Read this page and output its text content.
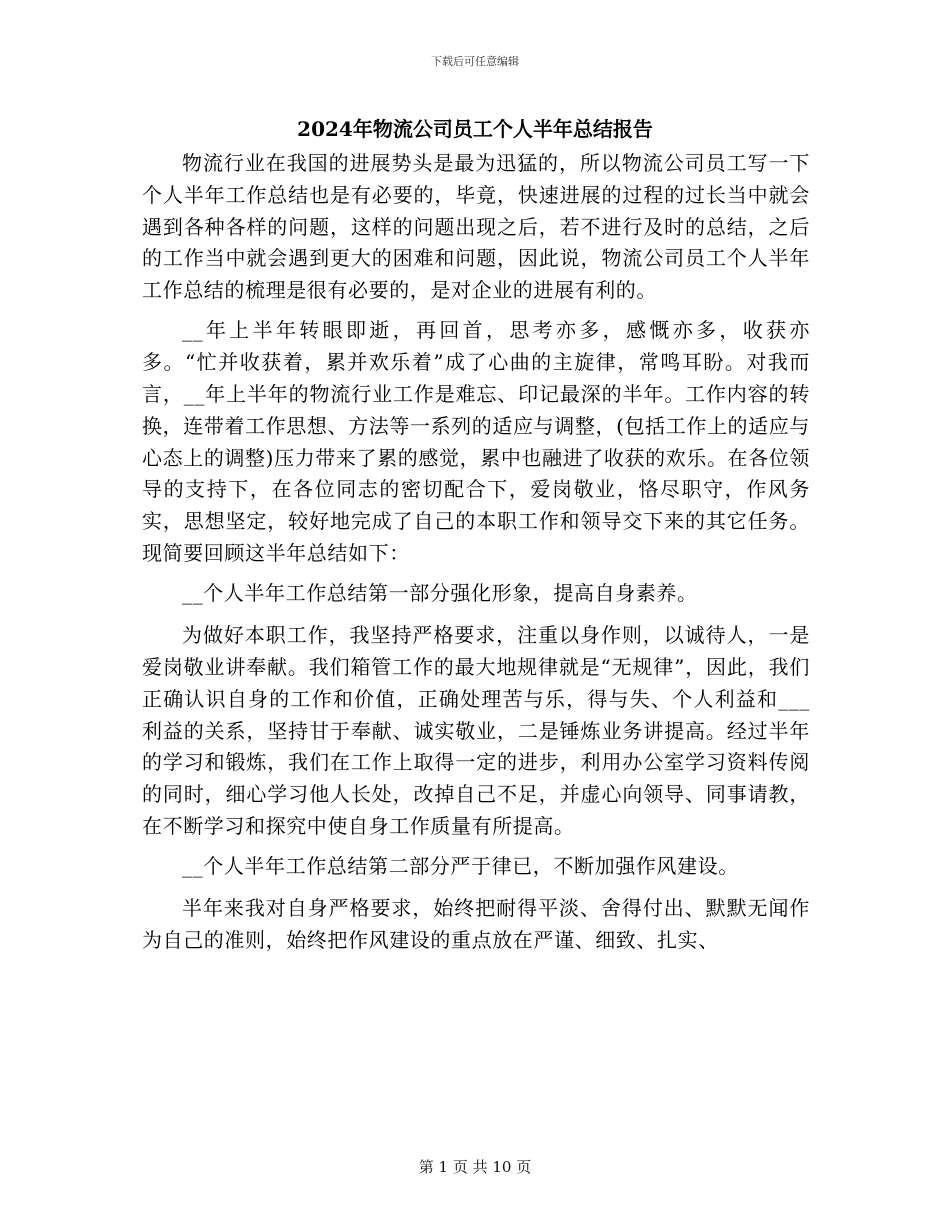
下载后可任意编辑
2024年物流公司员工个人半年总结报告

物流行业在我国的进展势头是最为迅猛的，所以物流公司员工写一下个人半年工作总结也是有必要的，毕竟，快速进展的过程的过长当中就会遇到各种各样的问题，这样的问题出现之后，若不进行及时的总结，之后的工作当中就会遇到更大的困难和问题，因此说，物流公司员工个人半年工作总结的梳理是很有必要的，是对企业的进展有利的。

__年上半年转眼即逝，再回首，思考亦多，感慨亦多，收获亦多。“忙并收获着，累并欢乐着”成了心曲的主旋律，常鸣耳盼。对我而言，__年上半年的物流行业工作是难忘、印记最深的半年。工作内容的转换，连带着工作思想、方法等一系列的适应与调整，(包括工作上的适应与心态上的调整)压力带来了累的感觉，累中也融进了收获的欢乐。在各位领导的支持下，在各位同志的密切配合下，爱岗敬业，恪尽职守，作风务实，思想坚定，较好地完成了自己的本职工作和领导交下来的其它任务。现简要回顾这半年总结如下：

__个人半年工作总结第一部分强化形象，提高自身素养。

为做好本职工作，我坚持严格要求，注重以身作则，以诚待人，一是爱岗敬业讲奉献。我们箱管工作的最大地规律就是“无规律”，因此，我们正确认识自身的工作和价值，正确处理苦与乐，得与失、个人利益和___利益的关系，坚持甘于奉献、诚实敬业，二是锤炼业务讲提高。经过半年的学习和锻炼，我们在工作上取得一定的进步，利用办公室学习资料传阅的同时，细心学习他人长处，改掉自己不足，并虚心向领导、同事请教，在不断学习和探究中使自身工作质量有所提高。

__个人半年工作总结第二部分严于律已，不断加强作风建设。

半年来我对自身严格要求，始终把耐得平淡、舍得付出、默默无闻作为自己的准则，始终把作风建设的重点放在严谨、细致、扎实、

第 1 页 共 10 页
